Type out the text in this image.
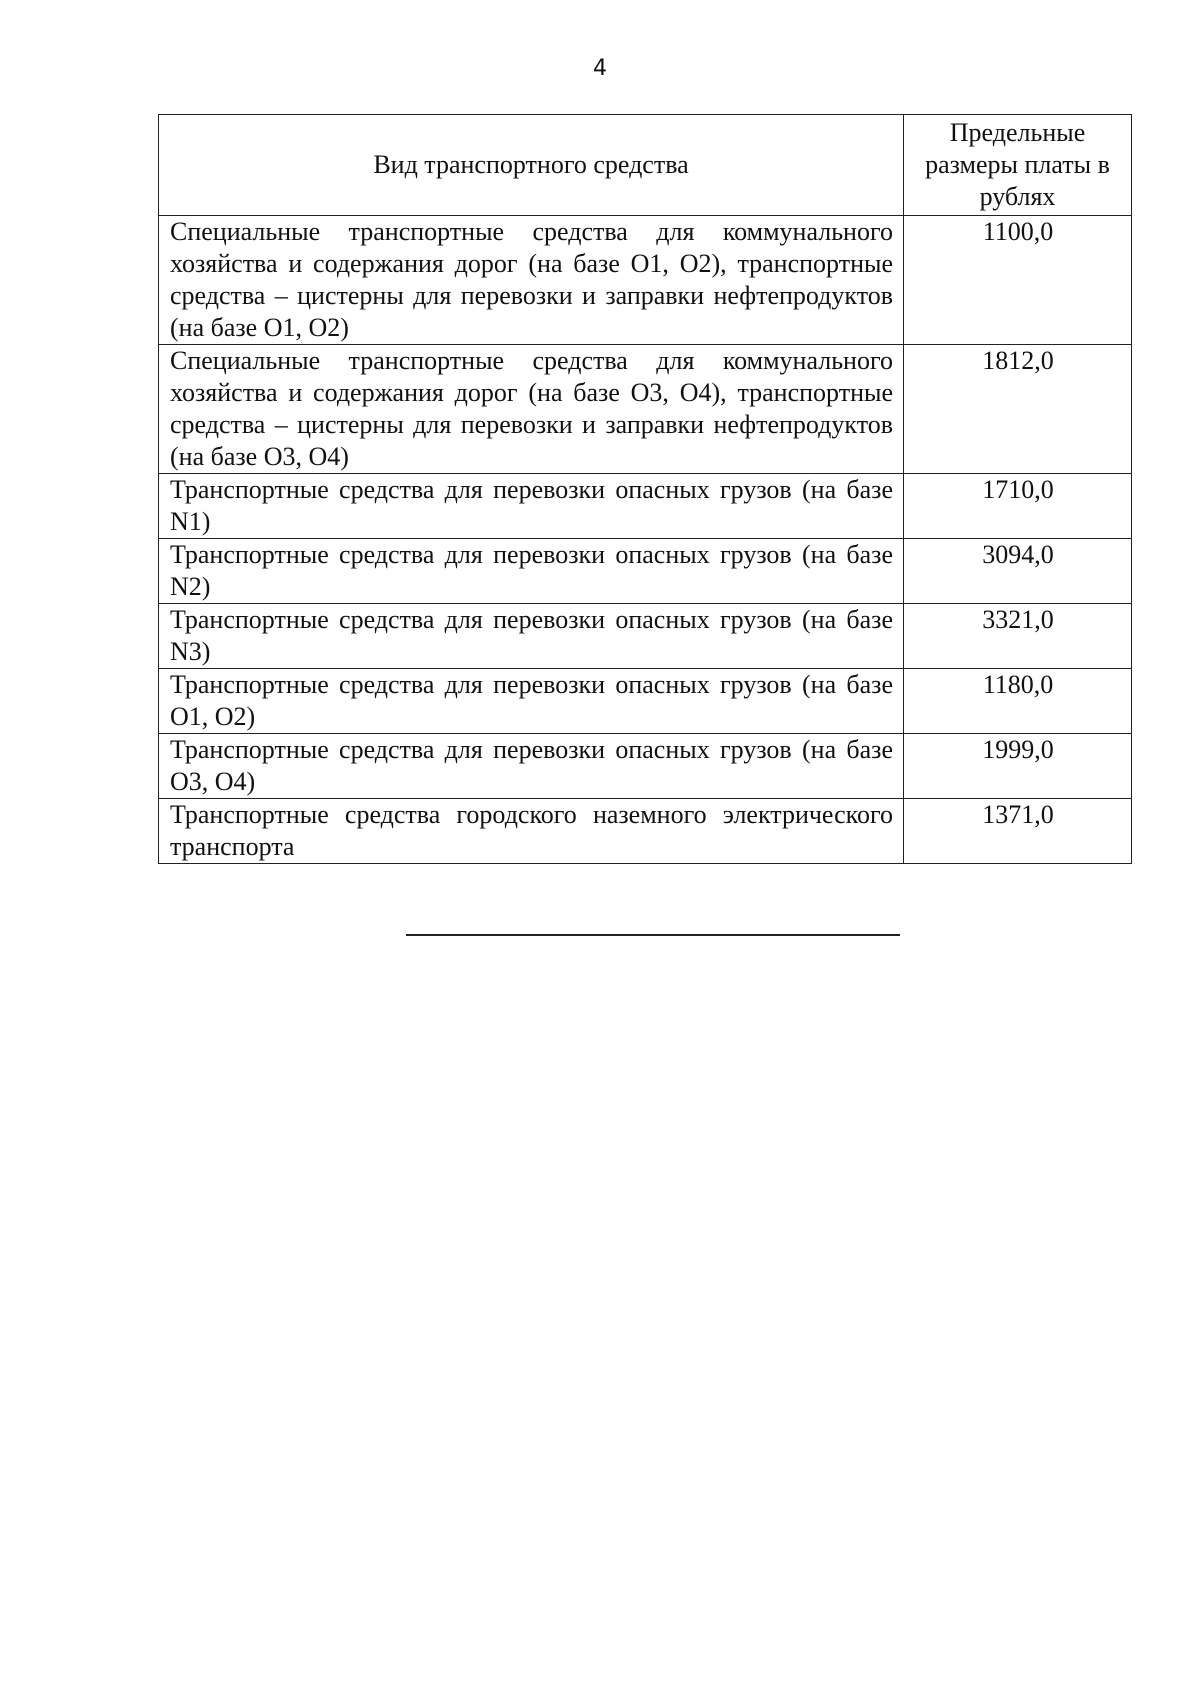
4
Вид транспортного средства	Предельные размеры платы в рублях
Специальные транспортные средства для коммунального хозяйства и содержания дорог (на базе O1, O2), транспортные средства – цистерны для перевозки и заправки нефтепродуктов (на базе O1, O2)	1100,0
Специальные транспортные средства для коммунального хозяйства и содержания дорог (на базе O3, O4), транспортные средства – цистерны для перевозки и заправки нефтепродуктов (на базе O3, O4)	1812,0
Транспортные средства для перевозки опасных грузов (на базе N1)	1710,0
Транспортные средства для перевозки опасных грузов (на базе N2)	3094,0
Транспортные средства для перевозки опасных грузов (на базе N3)	3321,0
Транспортные средства для перевозки опасных грузов (на базе O1, O2)	1180,0
Транспортные средства для перевозки опасных грузов (на базе O3, O4)	1999,0
Транспортные средства городского наземного электрического транспорта	1371,0
